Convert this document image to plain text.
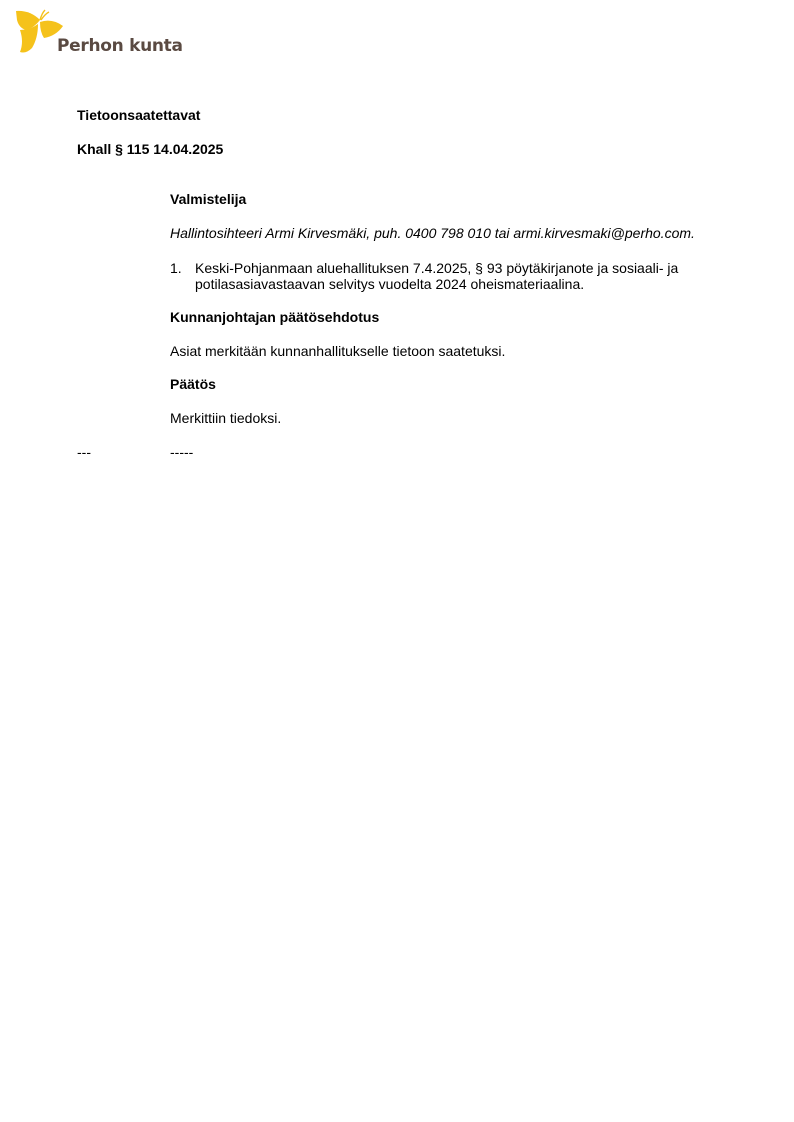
Perhon kunta
Tietoonsaatettavat
Khall § 115 14.04.2025
Valmistelija
Hallintosihteeri Armi Kirvesmäki, puh. 0400 798 010 tai armi.kirvesmaki@perho.com.
1. Keski-Pohjanmaan aluehallituksen 7.4.2025, § 93 pöytäkirjanote ja sosiaali- ja potilasasiavastaavan selvitys vuodelta 2024 oheismateriaalina.
Kunnanjohtajan päätösehdotus
Asiat merkitään kunnanhallitukselle tietoon saatetuksi.
Päätös
Merkittiin tiedoksi.
---	-----
